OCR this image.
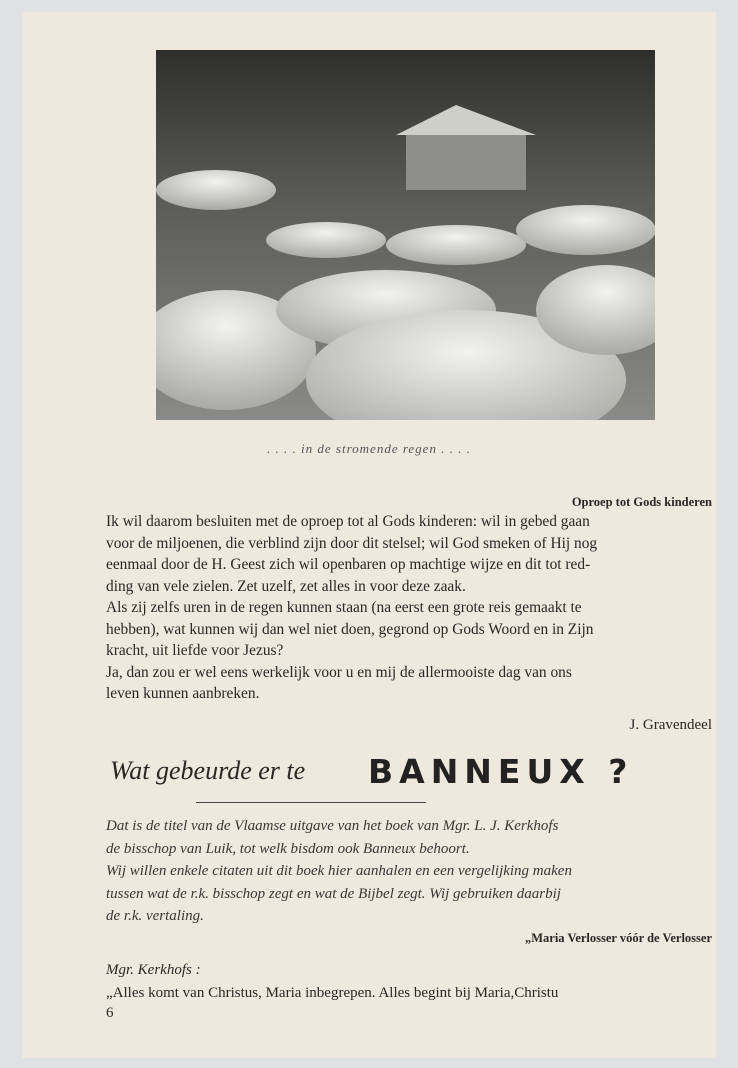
. . . . in de stromende regen . . . .
Oproep tot Gods kinderen

Ik wil daarom besluiten met de oproep tot al Gods kinderen: wil in gebed gaan

voor de miljoenen, die verblind zijn door dit stelsel; wil God smeken of Hij nog

eenmaal door de H. Geest zich wil openbaren op machtige wijze en dit tot red-

ding van vele zielen. Zet uzelf, zet alles in voor deze zaak.

Als zij zelfs uren in de regen kunnen staan (na eerst een grote reis gemaakt te

hebben), wat kunnen wij dan wel niet doen, gegrond op Gods Woord en in Zijn

kracht, uit liefde voor Jezus?

Ja, dan zou er wel eens werkelijk voor u en mij de allermooiste dag van ons

leven kunnen aanbreken.

J. Gravendeel
Wat gebeurde er te BANNEUX ?

Dat is de titel van de Vlaamse uitgave van het boek van Mgr. L. J. Kerkhofs

de bisschop van Luik, tot welk bisdom ook Banneux behoort.

Wij willen enkele citaten uit dit boek hier aanhalen en een vergelijking maken

tussen wat de r.k. bisschop zegt en wat de Bijbel zegt. Wij gebruiken daarbij

de r.k. vertaling.

„Maria Verlosser vóór de Verlosser
Mgr. Kerkhofs :
„Alles komt van Christus, Maria inbegrepen. Alles begint bij Maria,Christu
6
